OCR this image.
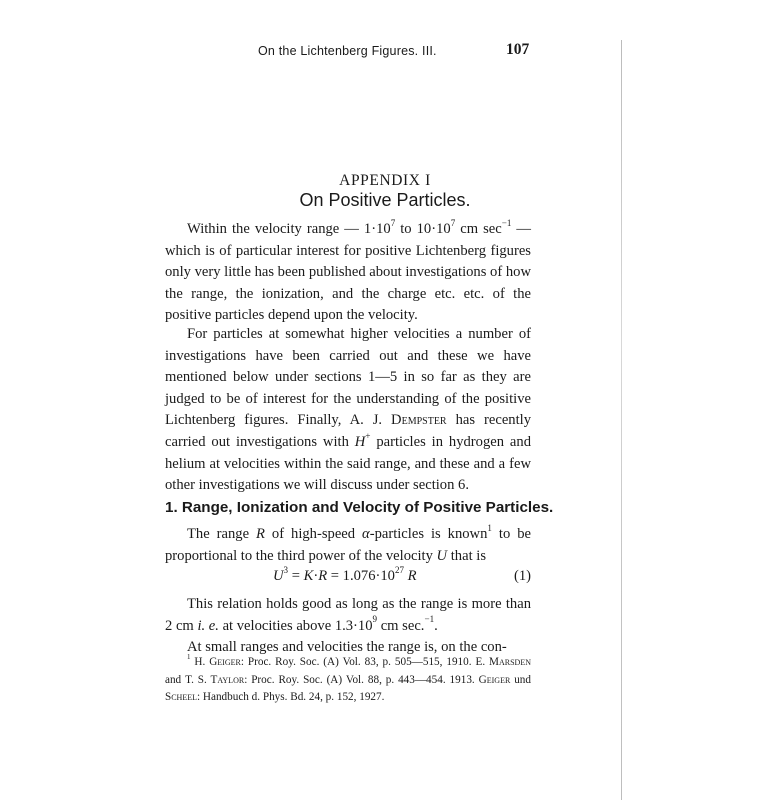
On the Lichtenberg Figures. III.	107
APPENDIX I
On Positive Particles.

Within the velocity range — $1\cdot 10^7$ to $10\cdot 10^7$ cm $\sec^{-1}$ — which is of particular interest for positive Lichtenberg figures only very little has been published about investigations of how the range, the ionization, and the charge etc. etc. of the positive particles depend upon the velocity.

For particles at somewhat higher velocities a number of investigations have been carried out and these we have mentioned below under sections 1—5 in so far as they are judged to be of interest for the understanding of the positive Lichtenberg figures. Finally, A. J. Dempster has recently carried out investigations with H+ particles in hydrogen and helium at velocities within the said range, and these and a few other investigations we will discuss under section 6.

1. Range, Ionization and Velocity of Positive Particles.

The range R of high-speed α-particles is known$^1$ to be proportional to the third power of the velocity U that is

$U^3 = K\cdot R = 1.076\cdot 10^{27}$ R	(1)

This relation holds good as long as the range is more than 2 cm i. e. at velocities above $1.3\cdot 10^9$ cm sec.$^{-1}$.

At small ranges and velocities the range is, on the con-

$^1$ H. Geiger: Proc. Roy. Soc. (A) Vol. 83, p. 505—515, 1910. E. Marsden and T. S. Taylor: Proc. Roy. Soc. (A) Vol. 88, p. 443—454. 1913. Geiger und Scheel: Handbuch d. Phys. Bd. 24, p. 152, 1927.
